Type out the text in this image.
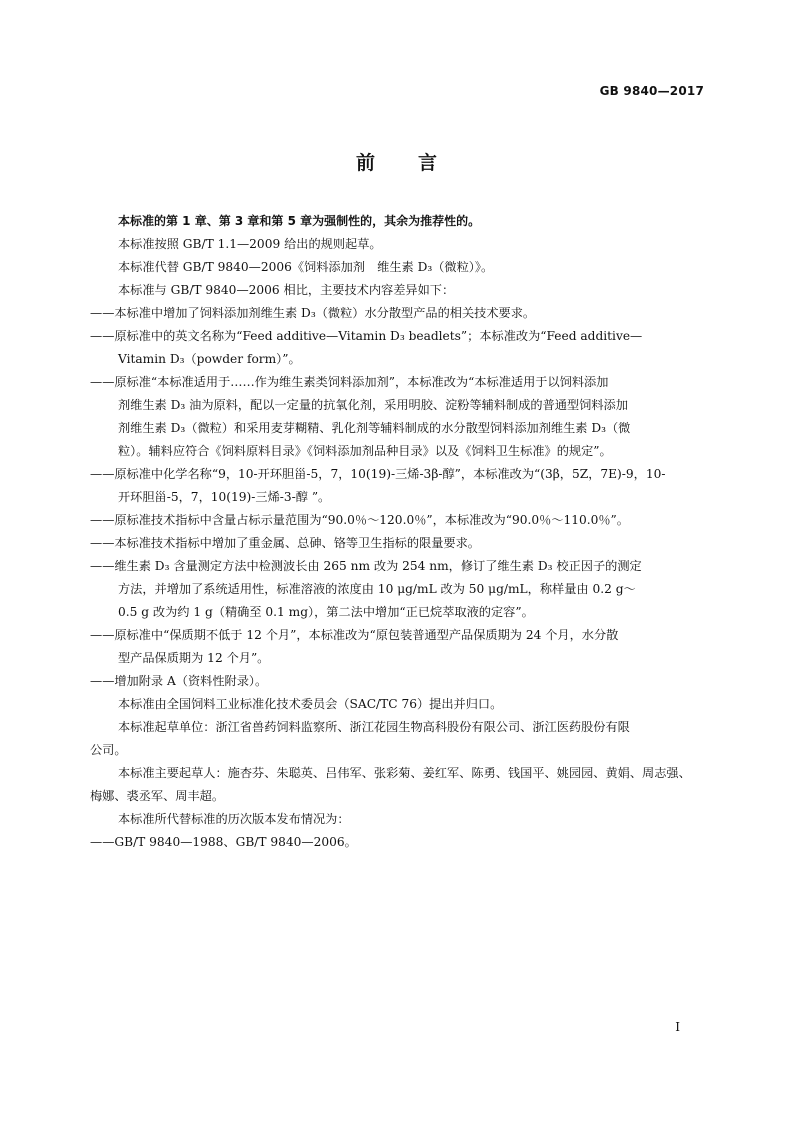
GB 9840—2017

前 言

本标准的第 1 章、第 3 章和第 5 章为强制性的，其余为推荐性的。

本标准按照 GB/T 1.1—2009 给出的规则起草。

本标准代替 GB/T 9840—2006《饲料添加剂　维生素 D₃（微粒）》。

本标准与 GB/T 9840—2006 相比，主要技术内容差异如下：

——本标准中增加了饲料添加剂维生素 D₃（微粒）水分散型产品的相关技术要求。

——原标准中的英文名称为“Feed additive—Vitamin D₃ beadlets”；本标准改为“Feed additive—

Vitamin D₃（powder form）”。

——原标准“本标准适用于……作为维生素类饲料添加剂”，本标准改为“本标准适用于以饲料添加

剂维生素 D₃ 油为原料，配以一定量的抗氧化剂，采用明胶、淀粉等辅料制成的普通型饲料添加

剂维生素 D₃（微粒）和采用麦芽糊精、乳化剂等辅料制成的水分散型饲料添加剂维生素 D₃（微

粒）。辅料应符合《饲料原料目录》《饲料添加剂品种目录》以及《饲料卫生标准》的规定”。

——原标准中化学名称“9，10-开环胆甾-5，7，10(19)-三烯-3β-醇”，本标准改为“(3β，5Z，7E)-9，10-

开环胆甾-5，7，10(19)-三烯-3-醇 ”。

——原标准技术指标中含量占标示量范围为“90.0％～120.0％”，本标准改为“90.0％～110.0％”。

——本标准技术指标中增加了重金属、总砷、铬等卫生指标的限量要求。

——维生素 D₃ 含量测定方法中检测波长由 265 nm 改为 254 nm，修订了维生素 D₃ 校正因子的测定

方法，并增加了系统适用性，标准溶液的浓度由 10 μg/mL 改为 50 μg/mL，称样量由 0.2 g～

0.5 g 改为约 1 g（精确至 0.1 mg），第二法中增加“正已烷萃取液的定容”。

——原标准中“保质期不低于 12 个月”，本标准改为“原包装普通型产品保质期为 24 个月，水分散

型产品保质期为 12 个月”。

——增加附录 A（资料性附录）。

本标准由全国饲料工业标准化技术委员会（SAC/TC 76）提出并归口。

本标准起草单位：浙江省兽药饲料监察所、浙江花园生物高科股份有限公司、浙江医药股份有限

公司。

本标准主要起草人：施杏芬、朱聪英、吕伟军、张彩菊、姜红军、陈勇、钱国平、姚园园、黄娟、周志强、

梅娜、裘丞军、周丰超。

本标准所代替标准的历次版本发布情况为：

——GB/T 9840—1988、GB/T 9840—2006。

I
